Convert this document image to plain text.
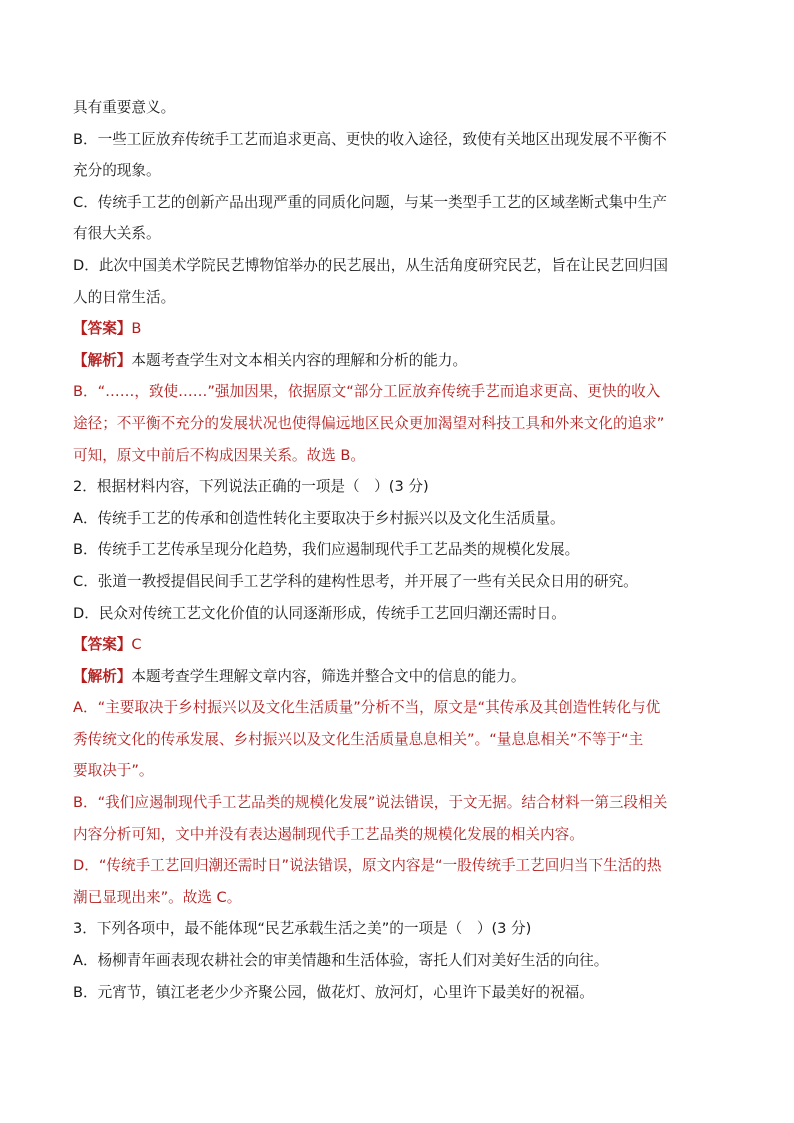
具有重要意义。
B．一些工匠放弃传统手工艺而追求更高、更快的收入途径，致使有关地区出现发展不平衡不
充分的现象。
C．传统手工艺的创新产品出现严重的同质化问题，与某一类型手工艺的区域垄断式集中生产
有很大关系。
D．此次中国美术学院民艺博物馆举办的民艺展出，从生活角度研究民艺，旨在让民艺回归国
人的日常生活。
【答案】B
【解析】本题考查学生对文本相关内容的理解和分析的能力。
B．“……，致使……”强加因果，依据原文“部分工匠放弃传统手艺而追求更高、更快的收入
途径；不平衡不充分的发展状况也使得偏远地区民众更加渴望对科技工具和外来文化的追求”
可知，原文中前后不构成因果关系。故选 B。
2．根据材料内容，下列说法正确的一项是（　）(3 分)
A．传统手工艺的传承和创造性转化主要取决于乡村振兴以及文化生活质量。
B．传统手工艺传承呈现分化趋势，我们应遏制现代手工艺品类的规模化发展。
C．张道一教授提倡民间手工艺学科的建构性思考，并开展了一些有关民众日用的研究。
D．民众对传统工艺文化价值的认同逐渐形成，传统手工艺回归潮还需时日。
【答案】C
【解析】本题考查学生理解文章内容，筛选并整合文中的信息的能力。
A．“主要取决于乡村振兴以及文化生活质量”分析不当，原文是“其传承及其创造性转化与优
秀传统文化的传承发展、乡村振兴以及文化生活质量息息相关”。“量息息相关”不等于“主
要取决于”。
B．“我们应遏制现代手工艺品类的规模化发展”说法错误，于文无据。结合材料一第三段相关
内容分析可知，文中并没有表达遏制现代手工艺品类的规模化发展的相关内容。
D．“传统手工艺回归潮还需时日”说法错误，原文内容是“一股传统手工艺回归当下生活的热
潮已显现出来”。故选 C。
3．下列各项中，最不能体现“民艺承载生活之美”的一项是（　）(3 分)
A．杨柳青年画表现农耕社会的审美情趣和生活体验，寄托人们对美好生活的向往。
B．元宵节，镇江老老少少齐聚公园，做花灯、放河灯，心里许下最美好的祝福。
